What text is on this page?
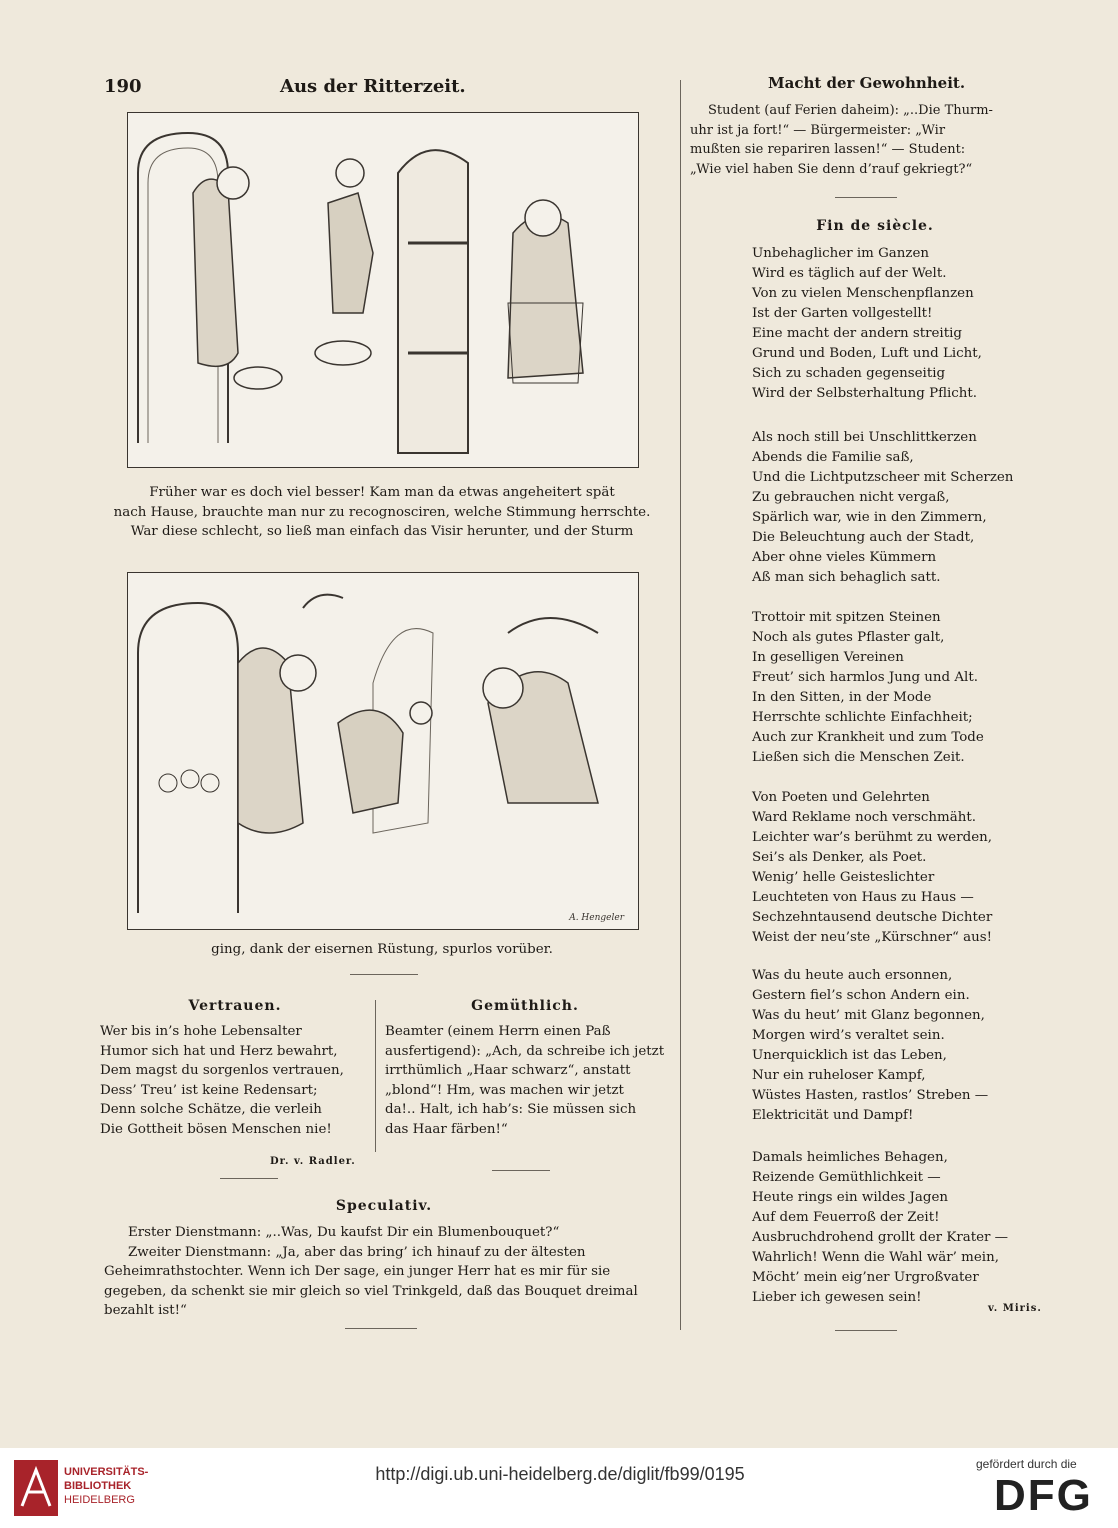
190	Aus der Ritterzeit.	Macht der Gewohnheit.
Früher war es doch viel besser! Kam man da etwas angeheitert spät
nach Hause, brauchte man nur zu recognosciren, welche Stimmung herrschte.
War diese schlecht, so ließ man einfach das Visir herunter, und der Sturm
A. Hengeler
ging, dank der eisernen Rüstung, spurlos vorüber.
Vertrauen.
Wer bis in’s hohe Lebensalter
Humor sich hat und Herz bewahrt,
Dem magst du sorgenlos vertrauen,
Dess’ Treu’ ist keine Redensart;
Denn solche Schätze, die verleih
Die Gottheit bösen Menschen nie!
Dr. v. Radler.
Gemüthlich.
Beamter (einem Herrn einen Paß
ausfertigend): „Ach, da schreibe ich jetzt
irrthümlich „Haar schwarz“, anstatt
„blond“! Hm, was machen wir jetzt
da!.. Halt, ich hab’s: Sie müssen sich
das Haar färben!“
Speculativ.
Erster Dienstmann: „..Was, Du kaufst Dir ein Blumenbouquet?“
Zweiter Dienstmann: „Ja, aber das bring’ ich hinauf zu der ältesten
Geheimrathstochter. Wenn ich Der sage, ein junger Herr hat es mir für sie
gegeben, da schenkt sie mir gleich so viel Trinkgeld, daß das Bouquet dreimal
bezahlt ist!“
Student (auf Ferien daheim): „..Die Thurm-
uhr ist ja fort!“ — Bürgermeister: „Wir
mußten sie repariren lassen!“ — Student:
„Wie viel haben Sie denn d’rauf gekriegt?“
Fin de siècle.
Unbehaglicher im Ganzen
Wird es täglich auf der Welt.
Von zu vielen Menschenpflanzen
Ist der Garten vollgestellt!
Eine macht der andern streitig
Grund und Boden, Luft und Licht,
Sich zu schaden gegenseitig
Wird der Selbsterhaltung Pflicht.
Als noch still bei Unschlittkerzen
Abends die Familie saß,
Und die Lichtputzscheer mit Scherzen
Zu gebrauchen nicht vergaß,
Spärlich war, wie in den Zimmern,
Die Beleuchtung auch der Stadt,
Aber ohne vieles Kümmern
Aß man sich behaglich satt.
Trottoir mit spitzen Steinen
Noch als gutes Pflaster galt,
In geselligen Vereinen
Freut’ sich harmlos Jung und Alt.
In den Sitten, in der Mode
Herrschte schlichte Einfachheit;
Auch zur Krankheit und zum Tode
Ließen sich die Menschen Zeit.
Von Poeten und Gelehrten
Ward Reklame noch verschmäht.
Leichter war’s berühmt zu werden,
Sei’s als Denker, als Poet.
Wenig’ helle Geisteslichter
Leuchteten von Haus zu Haus —
Sechzehntausend deutsche Dichter
Weist der neu’ste „Kürschner“ aus!
Was du heute auch ersonnen,
Gestern fiel’s schon Andern ein.
Was du heut’ mit Glanz begonnen,
Morgen wird’s veraltet sein.
Unerquicklich ist das Leben,
Nur ein ruheloser Kampf,
Wüstes Hasten, rastlos’ Streben —
Elektricität und Dampf!
Damals heimliches Behagen,
Reizende Gemüthlichkeit —
Heute rings ein wildes Jagen
Auf dem Feuerroß der Zeit!
Ausbruchdrohend grollt der Krater —
Wahrlich! Wenn die Wahl wär’ mein,
Möcht’ mein eig’ner Urgroßvater
Lieber ich gewesen sein!
v. Miris.
UNIVERSITÄTS-
BIBLIOTHEK
HEIDELBERG
http://digi.ub.uni-heidelberg.de/diglit/fb99/0195	gefördert durch die
DFG
